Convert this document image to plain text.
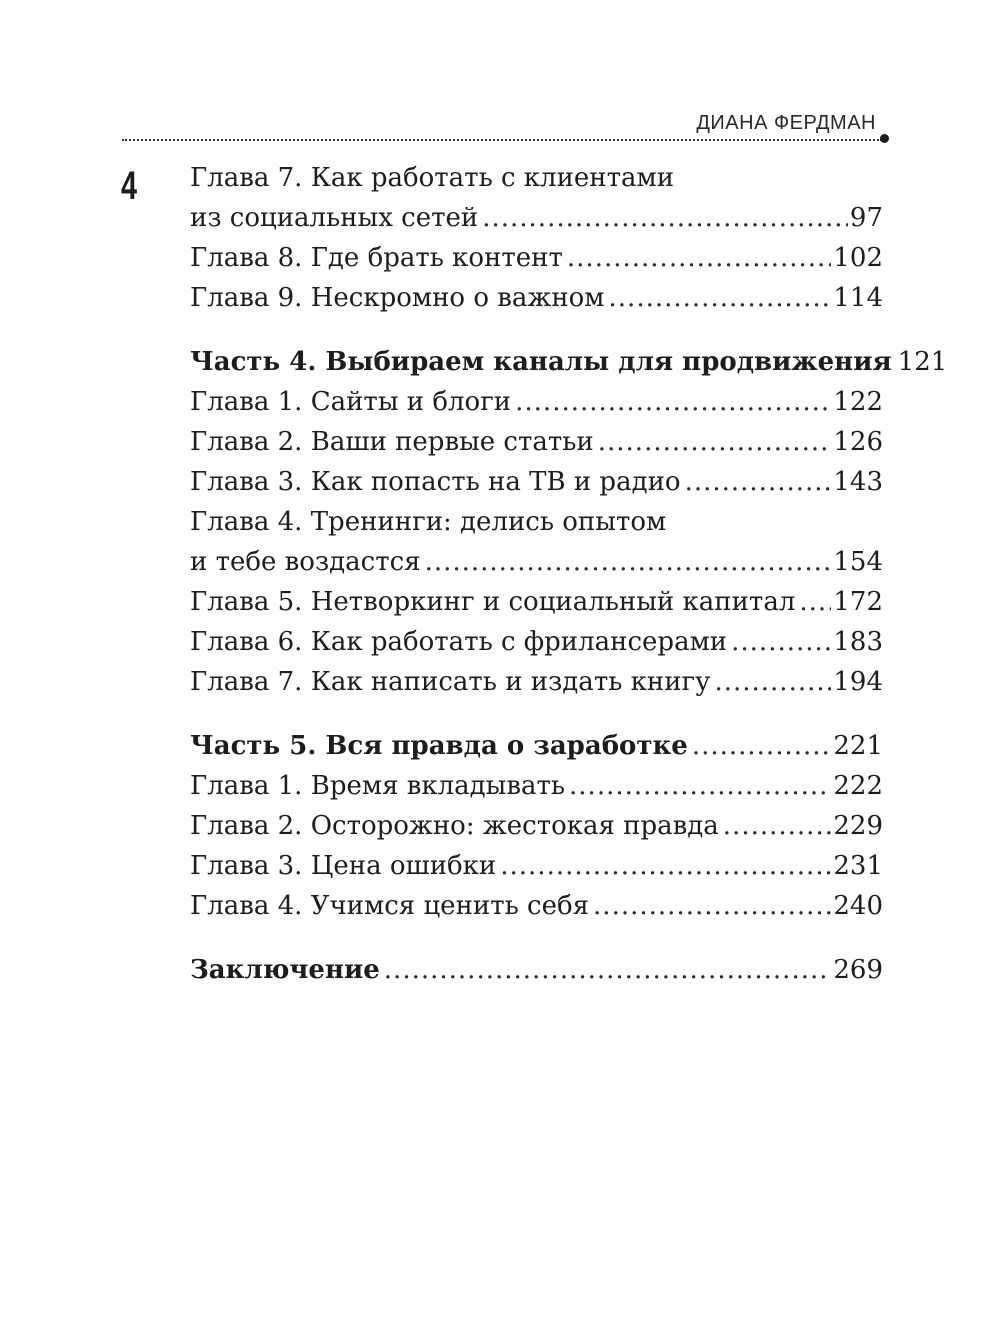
ДИАНА ФЕРДМАН
4 Глава 7. Как работать с клиентами
из социальных сетей .....	97
Глава 8. Где брать контент .....	102
Глава 9. Нескромно о важном .....	114
Часть 4. Выбираем каналы для продвижения 121
Глава 1. Сайты и блоги .....	122
Глава 2. Ваши первые статьи .....	126
Глава 3. Как попасть на ТВ и радио .....	143
Глава 4. Тренинги: делись опытом
и тебе воздастся .....	154
Глава 5. Нетворкинг и социальный капитал ..... 172
Глава 6. Как работать с фрилансерами .....	183
Глава 7. Как написать и издать книгу .....	194
Часть 5. Вся правда о заработке .....	221
Глава 1. Время вкладывать .....	222
Глава 2. Осторожно: жестокая правда .....	229
Глава 3. Цена ошибки .....	231
Глава 4. Учимся ценить себя .....	240
Заключение .....	269
